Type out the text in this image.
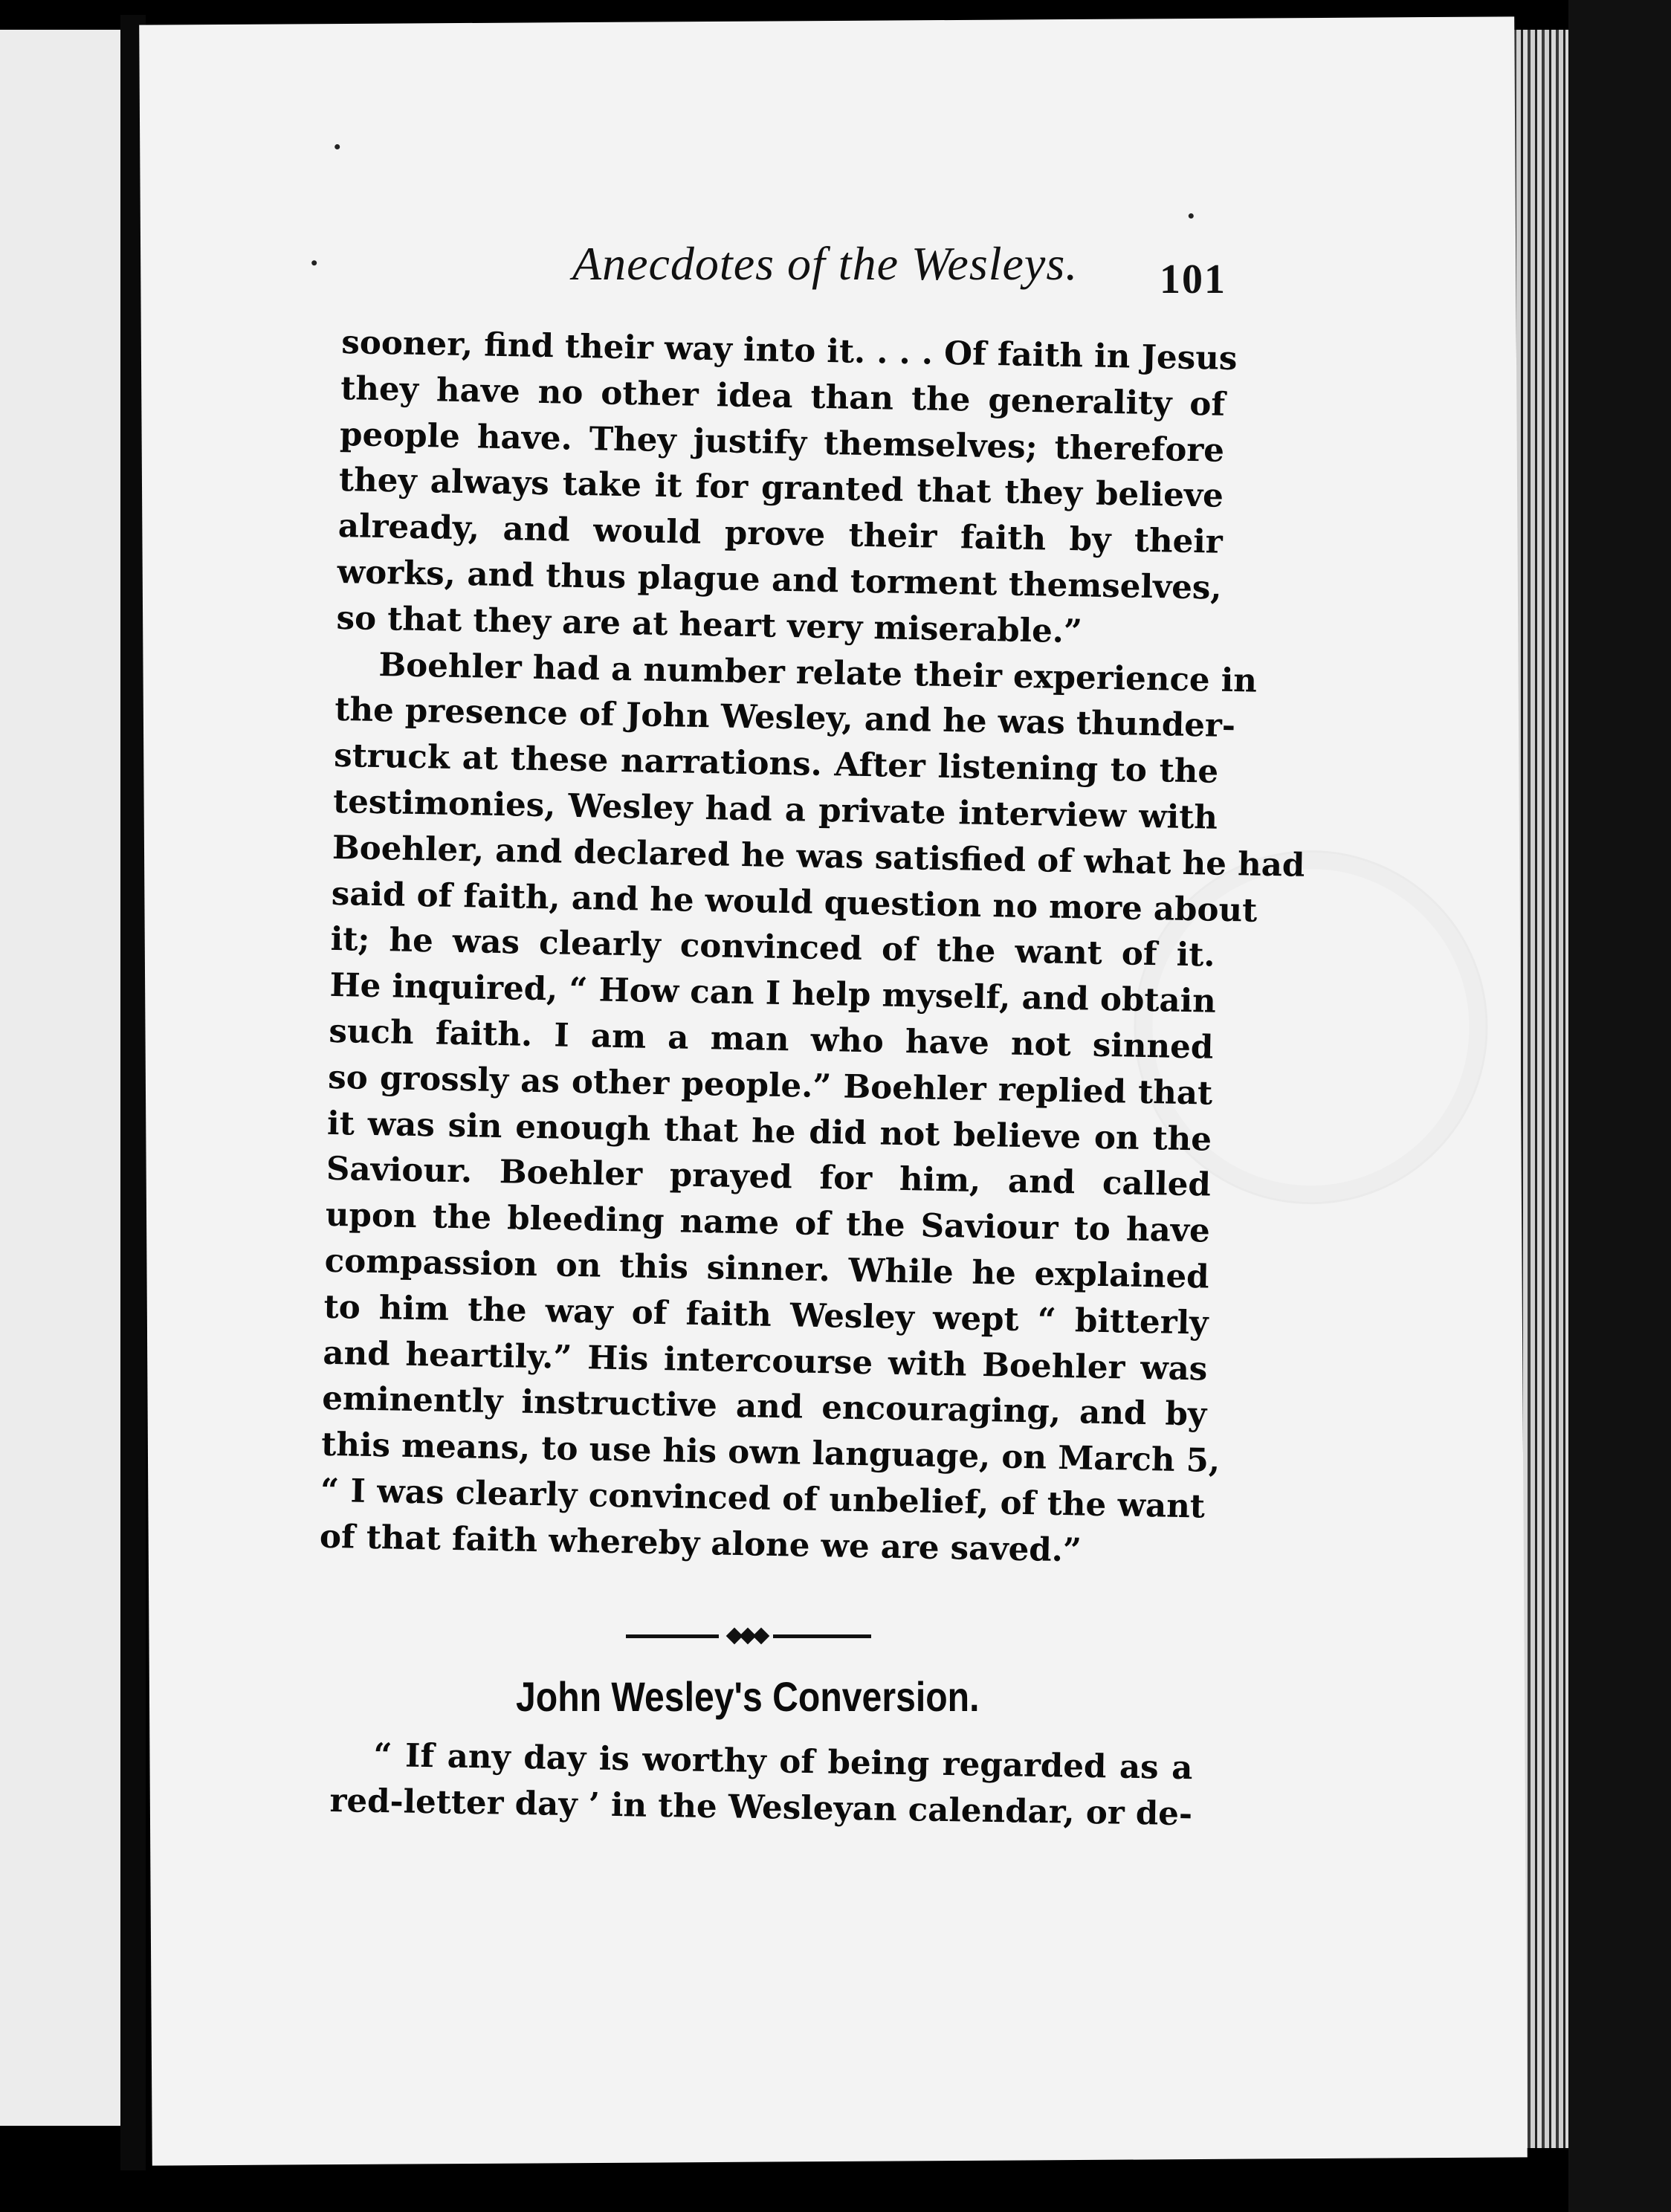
Anecdotes of the Wesleys. 101
sooner, find their way into it. . . . Of faith in Jesus
they have no other idea than the generality of
people have. They justify themselves; therefore
they always take it for granted that they believe
already, and would prove their faith by their
works, and thus plague and torment themselves,
so that they are at heart very miserable.”
Boehler had a number relate their experience in
the presence of John Wesley, and he was thunder-
struck at these narrations. After listening to the
testimonies, Wesley had a private interview with
Boehler, and declared he was satisfied of what he had
said of faith, and he would question no more about
it; he was clearly convinced of the want of it.
He inquired, “ How can I help myself, and obtain
such faith. I am a man who have not sinned
so grossly as other people.” Boehler replied that
it was sin enough that he did not believe on the
Saviour. Boehler prayed for him, and called
upon the bleeding name of the Saviour to have
compassion on this sinner. While he explained
to him the way of faith Wesley wept “ bitterly
and heartily.” His intercourse with Boehler was
eminently instructive and encouraging, and by
this means, to use his own language, on March 5,
“ I was clearly convinced of unbelief, of the want
of that faith whereby alone we are saved.”
John Wesley's Conversion.
“ If any day is worthy of being regarded as a
red-letter day ’ in the Wesleyan calendar, or de-
